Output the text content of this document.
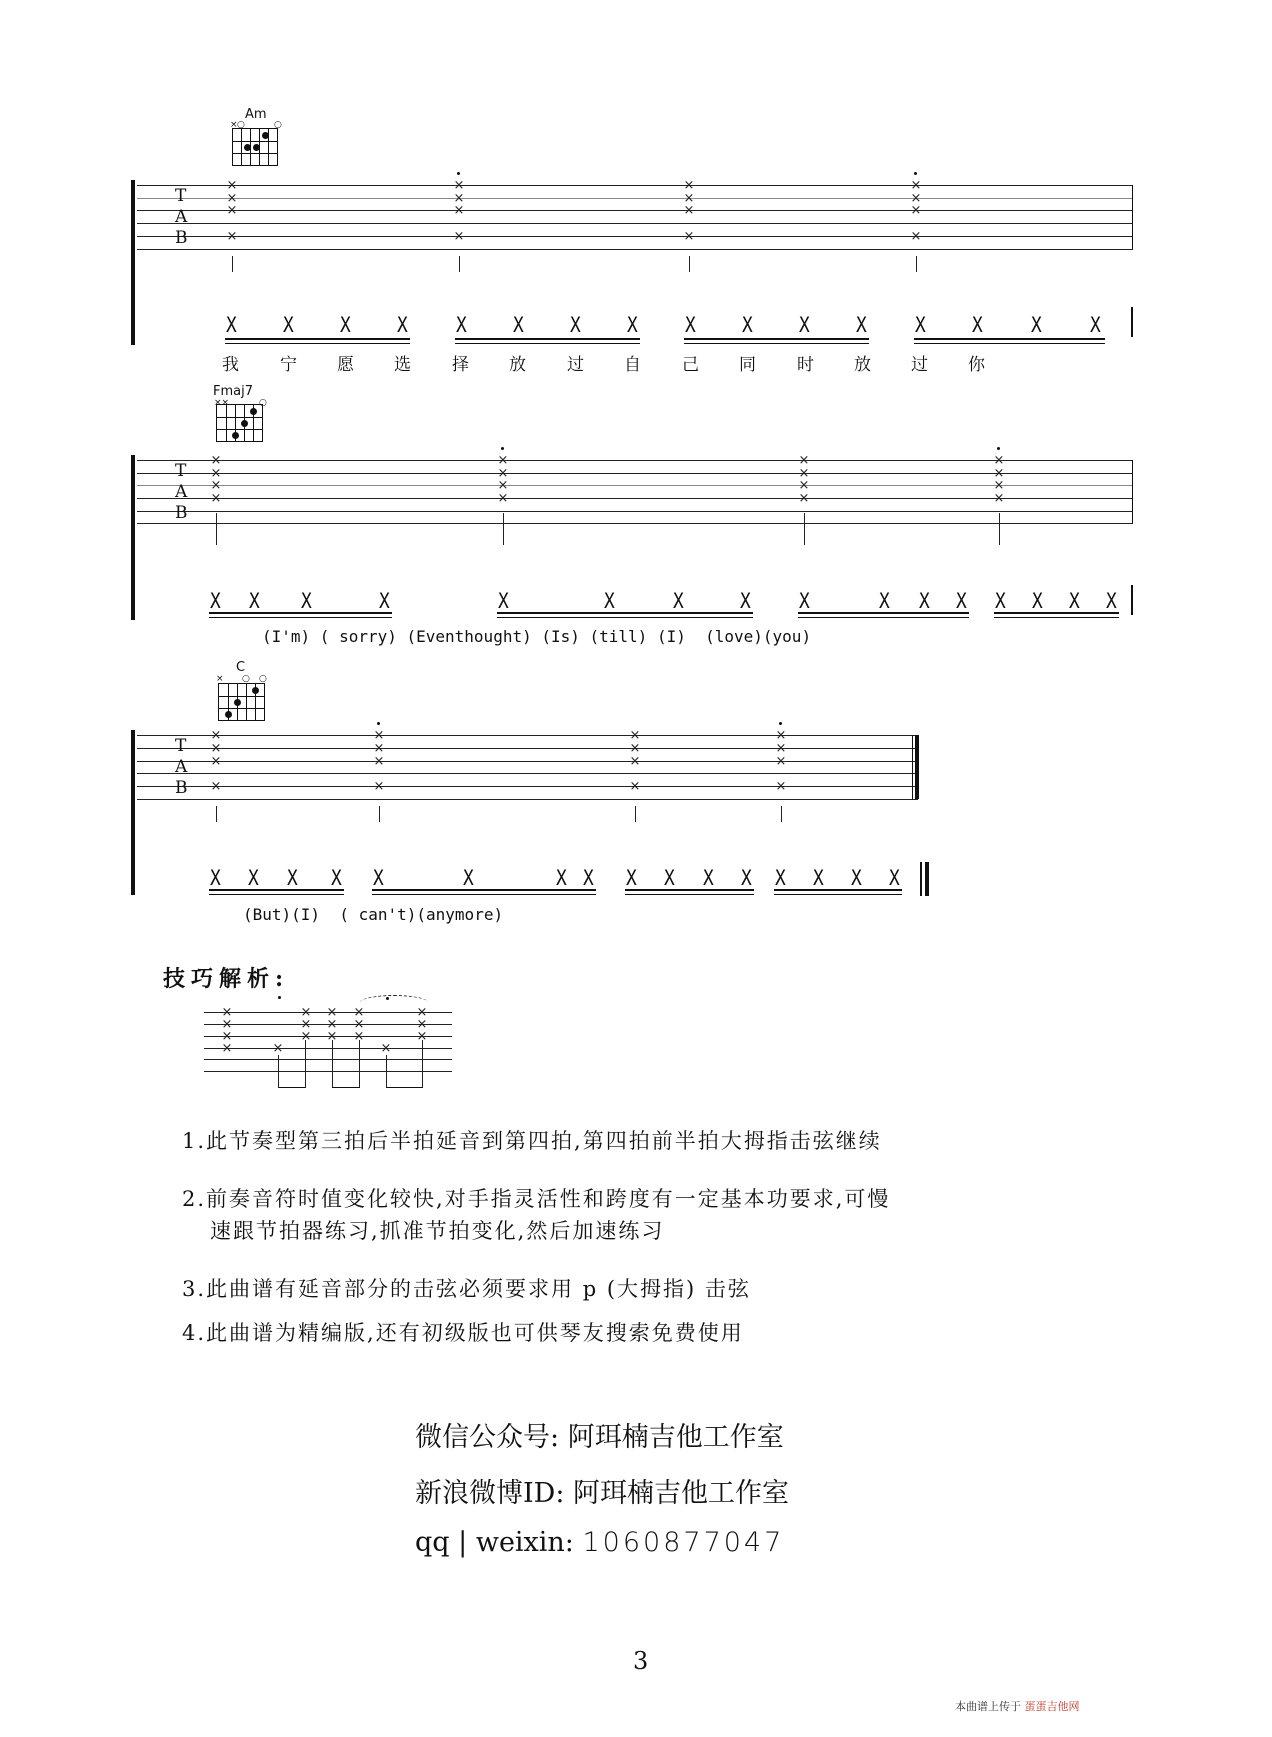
Am
× ○	○
T
A
B
×
×
×
×
×
×
×
×
×
×
×
×
×
×
×
×
X X X X X X X X X X X X X X X X
我 宁 愿 选 择 放 过 自 己 同 时 放 过 你
Fmaj7
××	○
T
A
B
×
×
×
×
×
×
×
×
×
×
×
×
×
×
×
×
X X X	X	X	X	X	X X	X X X X X X X
(I'm) ( sorry) (Eventhought) (Is) (till) (I)  (love)(you)
C
× ○ ○
T
A
B
×
×
×
×
×
×
×
×
×
×
×
×
×
×
×
×
X X X X X	X	X X X X X X X X X X
(But)(I)  ( can't)(anymore)
技巧解析:
×
×
×
×	×
×
×
×
×
×
×
×
×
×
×
×
×
×
1.此节奏型第三拍后半拍延音到第四拍,第四拍前半拍大拇指击弦继续
2.前奏音符时值变化较快,对手指灵活性和跨度有一定基本功要求,可慢
速跟节拍器练习,抓准节拍变化,然后加速练习
3.此曲谱有延音部分的击弦必须要求用 p (大拇指) 击弦
4.此曲谱为精编版,还有初级版也可供琴友搜索免费使用
微信公众号: 阿珥楠吉他工作室
新浪微博ID: 阿珥楠吉他工作室
qq | weixin: 1060877047
3
本曲谱上传于 蛋蛋吉他网
